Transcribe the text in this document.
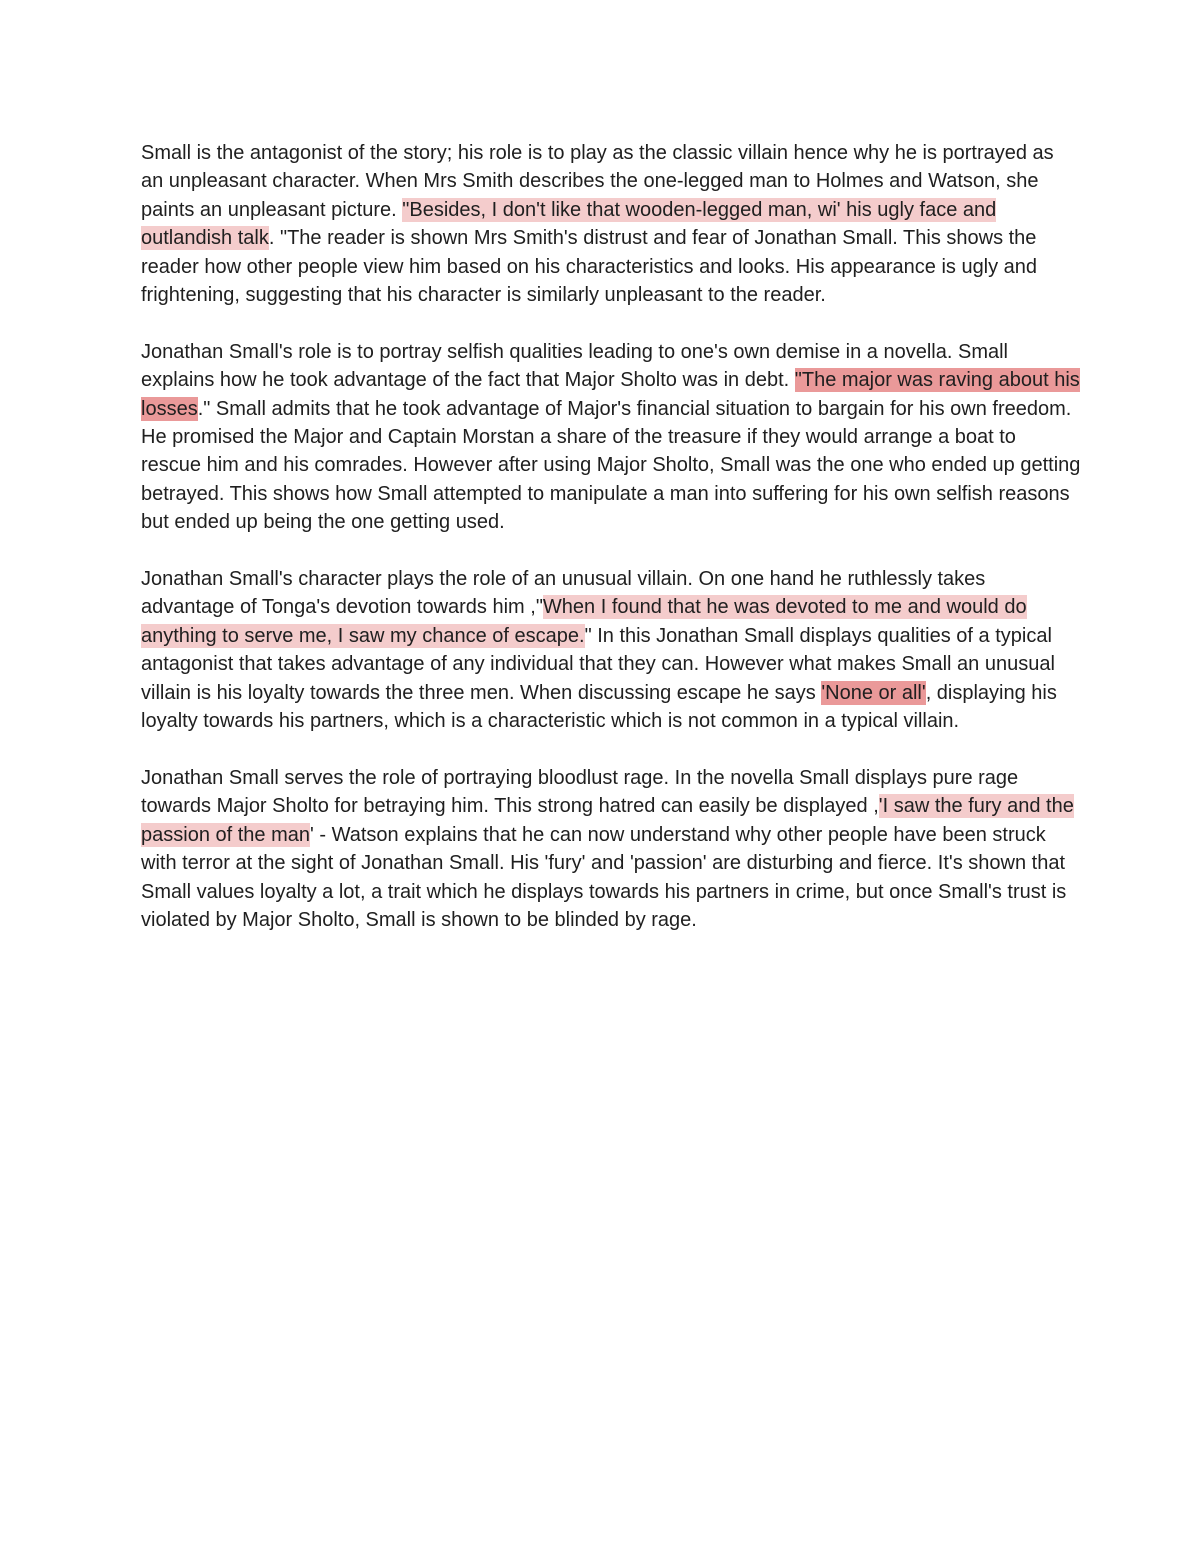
Small is the antagonist of the story; his role is to play as the classic villain hence why he is portrayed as an unpleasant character. When Mrs Smith describes the one-legged man to Holmes and Watson, she paints an unpleasant picture. "Besides, I don't like that wooden-legged man, wi' his ugly face and outlandish talk. "The reader is shown Mrs Smith's distrust and fear of Jonathan Small. This shows the reader how other people view him based on his characteristics and looks. His appearance is ugly and frightening, suggesting that his character is similarly unpleasant to the reader.

Jonathan Small's role is to portray selfish qualities leading to one's own demise in a novella. Small explains how he took advantage of the fact that Major Sholto was in debt. "The major was raving about his losses." Small admits that he took advantage of Major's financial situation to bargain for his own freedom. He promised the Major and Captain Morstan a share of the treasure if they would arrange a boat to rescue him and his comrades. However after using Major Sholto, Small was the one who ended up getting betrayed. This shows how Small attempted to manipulate a man into suffering for his own selfish reasons but ended up being the one getting used.

Jonathan Small's character plays the role of an unusual villain. On one hand he ruthlessly takes advantage of Tonga's devotion towards him ,"When I found that he was devoted to me and would do anything to serve me, I saw my chance of escape." In this Jonathan Small displays qualities of a typical antagonist that takes advantage of any individual that they can. However what makes Small an unusual villain is his loyalty towards the three men. When discussing escape he says 'None or all', displaying his loyalty towards his partners, which is a characteristic which is not common in a typical villain.

Jonathan Small serves the role of portraying bloodlust rage. In the novella Small displays pure rage towards Major Sholto for betraying him. This strong hatred can easily be displayed ,'I saw the fury and the passion of the man' - Watson explains that he can now understand why other people have been struck with terror at the sight of Jonathan Small. His 'fury' and 'passion' are disturbing and fierce. It's shown that Small values loyalty a lot, a trait which he displays towards his partners in crime, but once Small's trust is violated by Major Sholto, Small is shown to be blinded by rage.
